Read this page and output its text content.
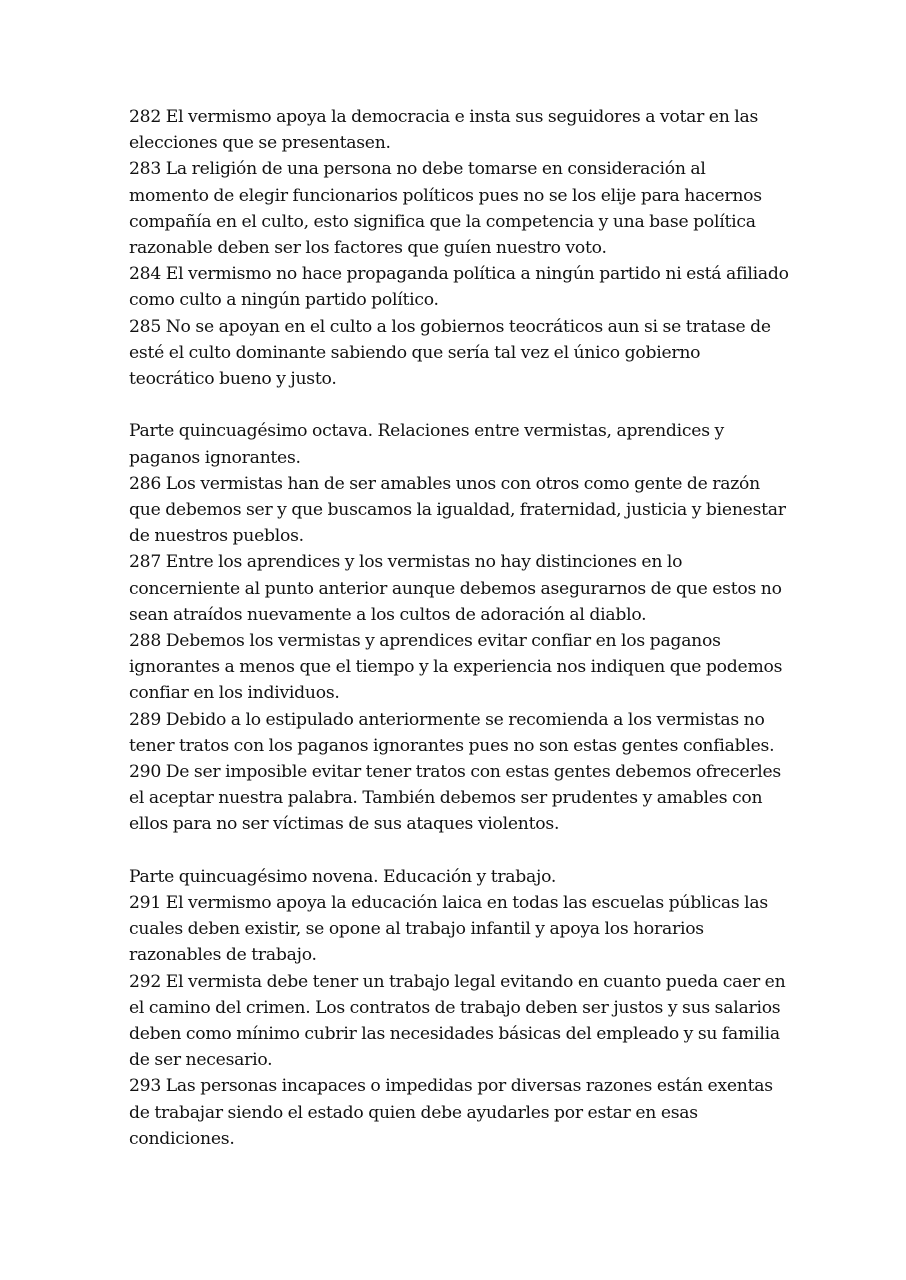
282 El vermismo apoya la democracia e insta sus seguidores a votar en las elecciones que se presentasen.

283 La religión de una persona no debe tomarse en consideración al momento de elegir funcionarios políticos pues no se los elije para hacernos compañía en el culto, esto significa que la competencia y una base política razonable deben ser los factores que guíen nuestro voto.

284 El vermismo no hace propaganda política a ningún partido ni está afiliado como culto a ningún partido político.

285 No se apoyan en el culto a los gobiernos teocráticos aun si se tratase de esté el culto dominante sabiendo que sería tal vez el único gobierno teocrático bueno y justo.

Parte quincuagésimo octava. Relaciones entre vermistas, aprendices y paganos ignorantes.

286 Los vermistas han de ser amables unos con otros como gente de razón que debemos ser y que buscamos la igualdad, fraternidad, justicia y bienestar de nuestros pueblos.

287 Entre los aprendices y los vermistas no hay distinciones en lo concerniente al punto anterior aunque debemos asegurarnos de que estos no sean atraídos nuevamente a los cultos de adoración al diablo.

288 Debemos los vermistas y aprendices evitar confiar en los paganos ignorantes a menos que el tiempo y la experiencia nos indiquen que podemos confiar en los individuos.

289 Debido a lo estipulado anteriormente se recomienda a los vermistas no tener tratos con los paganos ignorantes pues no son estas gentes confiables.

290 De ser imposible evitar tener tratos con estas gentes debemos ofrecerles el aceptar nuestra palabra. También debemos ser prudentes y amables con ellos para no ser víctimas de sus ataques violentos.

Parte quincuagésimo novena. Educación y trabajo.

291 El vermismo apoya la educación laica en todas las escuelas públicas las cuales deben existir, se opone al trabajo infantil y apoya los horarios razonables de trabajo.

292 El vermista debe tener un trabajo legal evitando en cuanto pueda caer en el camino del crimen. Los contratos de trabajo deben ser justos y sus salarios deben como mínimo cubrir las necesidades básicas del empleado y su familia de ser necesario.

293 Las personas incapaces o impedidas por diversas razones están exentas de trabajar siendo el estado quien debe ayudarles por estar en esas condiciones.
